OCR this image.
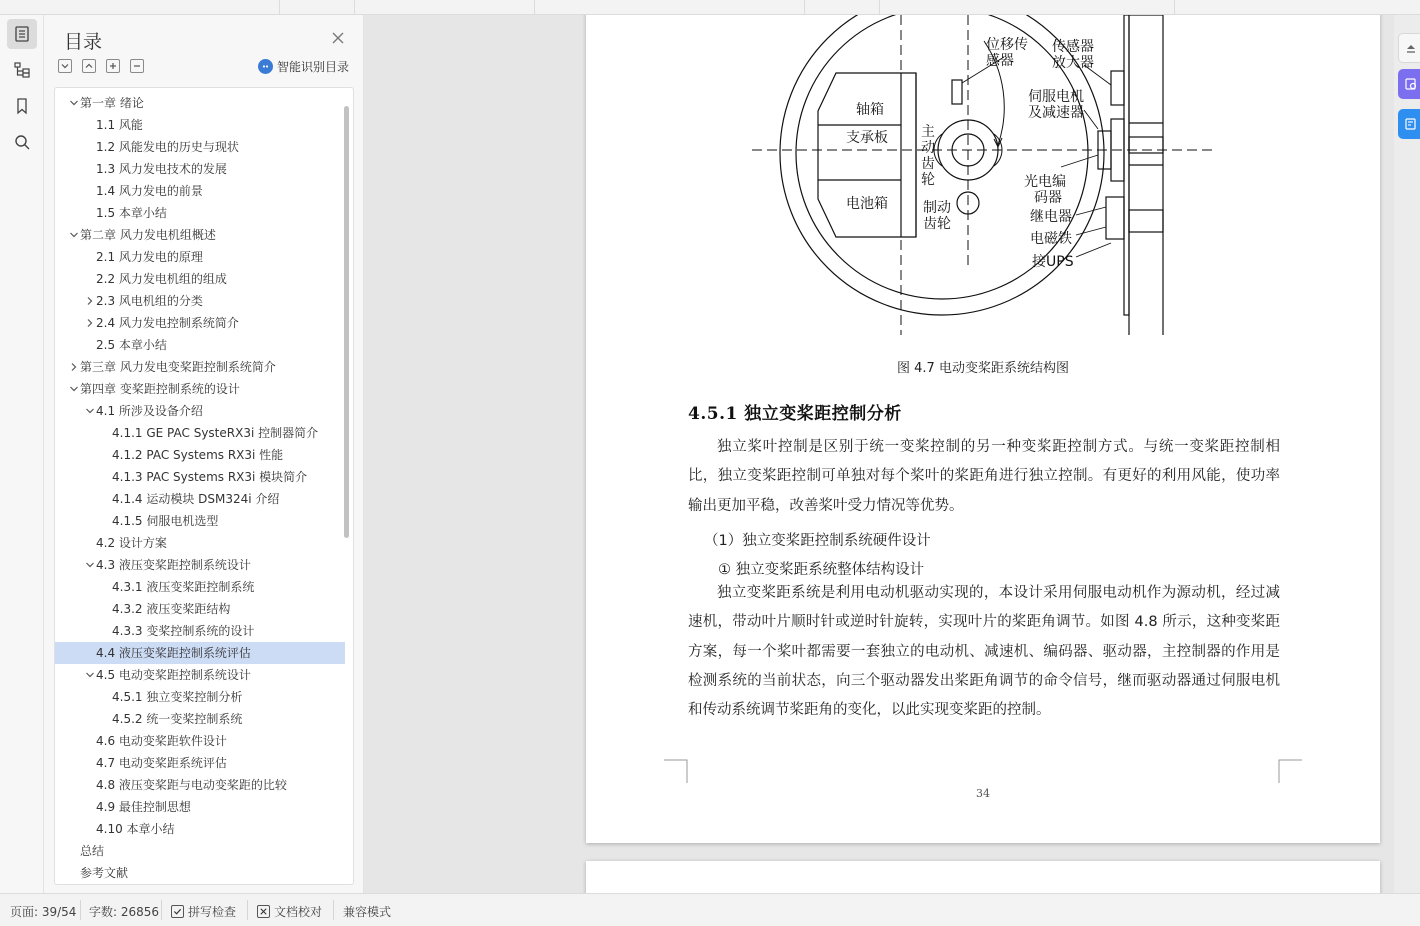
目录
智能识别目录
第一章 绪论
1.1 风能
1.2 风能发电的历史与现状
1.3 风力发电技术的发展
1.4 风力发电的前景
1.5 本章小结
第二章 风力发电机组概述
2.1 风力发电的原理
2.2 风力发电机组的组成
2.3 风电机组的分类
2.4 风力发电控制系统简介
2.5 本章小结
第三章 风力发电变桨距控制系统简介
第四章 变桨距控制系统的设计
4.1 所涉及设备介绍
4.1.1 GE PAC SysteRX3i 控制器简介
4.1.2 PAC Systems RX3i 性能
4.1.3 PAC Systems RX3i 模块简介
4.1.4 运动模块 DSM324i 介绍
4.1.5 伺服电机选型
4.2 设计方案
4.3 液压变桨距控制系统设计
4.3.1 液压变桨距控制系统
4.3.2 液压变桨距结构
4.3.3 变桨控制系统的设计
4.4 液压变桨距控制系统评估
4.5 电动变桨距控制系统设计
4.5.1 独立变桨控制分析
4.5.2 统一变桨控制系统
4.6 电动变桨距软件设计
4.7 电动变桨距系统评估
4.8 液压变桨距与电动变桨距的比较
4.9 最佳控制思想
4.10 本章小结
总结
参考文献
位移传
感器
传感器
放大器
轴箱
支承板
电池箱
主
动
齿
轮
制动
齿轮
伺服电机
及减速器
光电编
码器
继电器
电磁铁
接UPS
图 4.7 电动变桨距系统结构图
4.5.1 独立变桨距控制分析
独立桨叶控制是区别于统一变桨控制的另一种变桨距控制方式。与统一变桨距控制相比，独立变桨距控制可单独对每个桨叶的桨距角进行独立控制。有更好的利用风能，使功率输出更加平稳，改善桨叶受力情况等优势。
（1）独立变桨距控制系统硬件设计
① 独立变桨距系统整体结构设计
独立变桨距系统是利用电动机驱动实现的，本设计采用伺服电动机作为源动机，经过减速机，带动叶片顺时针或逆时针旋转，实现叶片的桨距角调节。如图 4.8 所示，这种变桨距方案，每一个桨叶都需要一套独立的电动机、减速机、编码器、驱动器，主控制器的作用是检测系统的当前状态，向三个驱动器发出桨距角调节的命令信号，继而驱动器通过伺服电机和传动系统调节桨距角的变化，以此实现变桨距的控制。
34
页面: 39/54 字数: 26856 拼写检查	文档校对 兼容模式
